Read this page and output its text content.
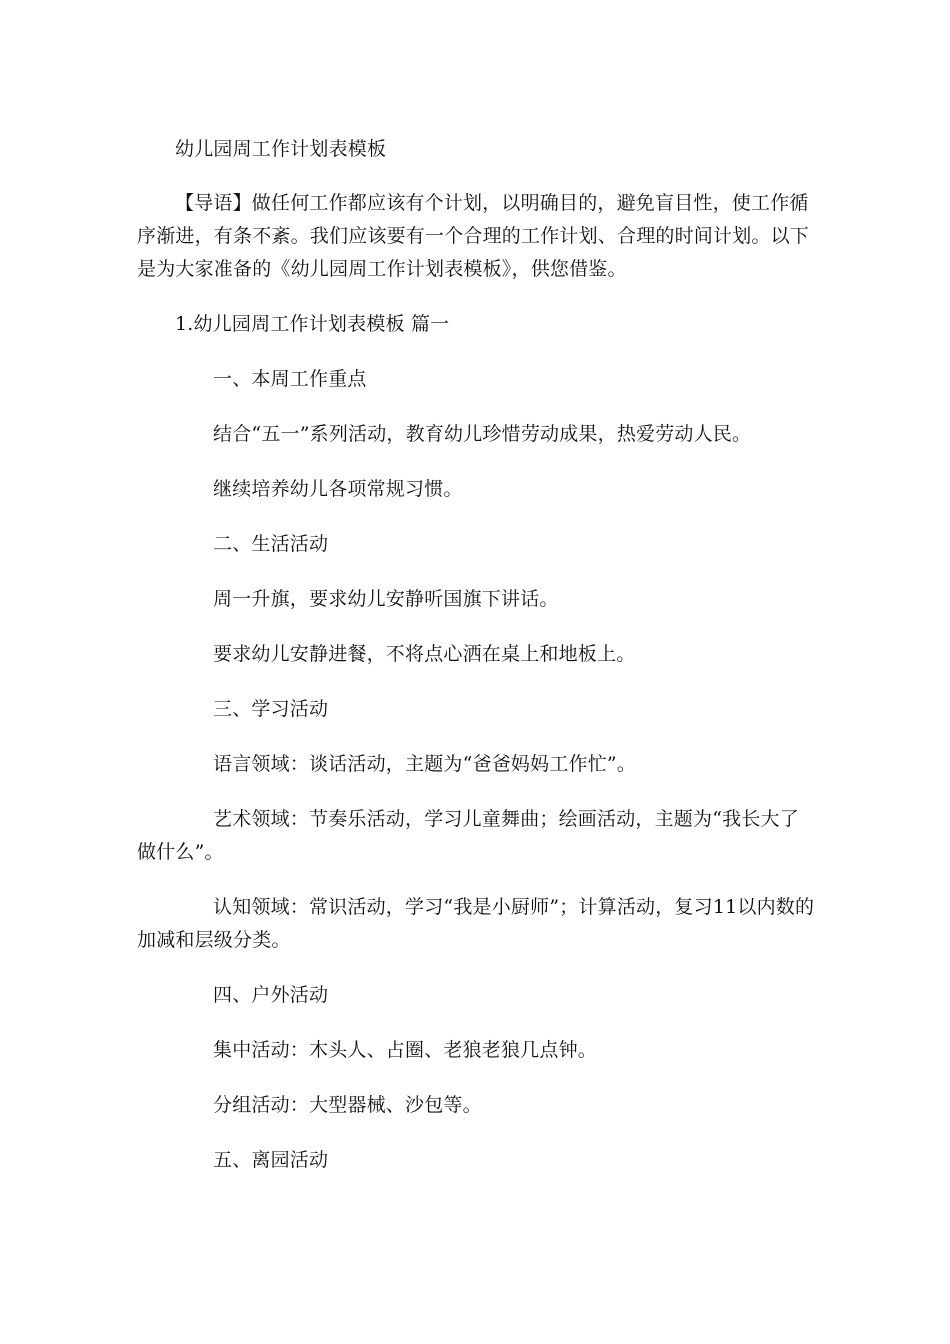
幼儿园周工作计划表模板
【导语】做任何工作都应该有个计划，以明确目的，避免盲目性，使工作循序渐进，有条不紊。我们应该要有一个合理的工作计划、合理的时间计划。以下是为大家准备的《幼儿园周工作计划表模板》，供您借鉴。
1.幼儿园周工作计划表模板 篇一
一、本周工作重点
结合“五一”系列活动，教育幼儿珍惜劳动成果，热爱劳动人民。
继续培养幼儿各项常规习惯。
二、生活活动
周一升旗，要求幼儿安静听国旗下讲话。
要求幼儿安静进餐，不将点心洒在桌上和地板上。
三、学习活动
语言领域：谈话活动，主题为“爸爸妈妈工作忙”。
艺术领域：节奏乐活动，学习儿童舞曲；绘画活动，主题为“我长大了做什么”。
认知领域：常识活动，学习“我是小厨师”；计算活动，复习11以内数的加减和层级分类。
四、户外活动
集中活动：木头人、占圈、老狼老狼几点钟。
分组活动：大型器械、沙包等。
五、离园活动
